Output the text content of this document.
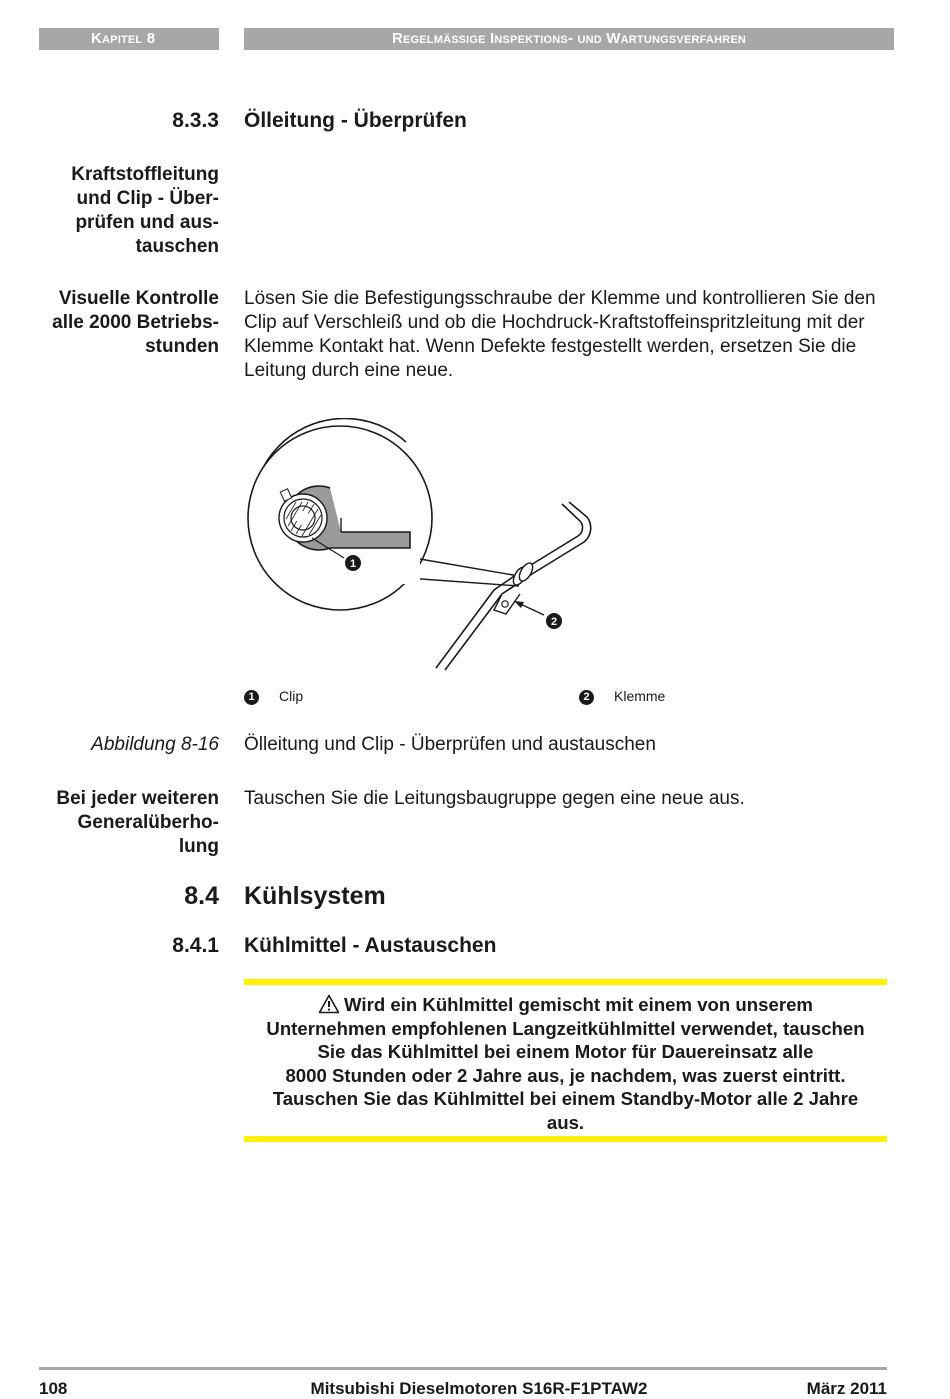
Kapitel 8	Regelmäßige Inspektions- und Wartungsverfahren
8.3.3 Ölleitung - Überprüfen
Kraftstoffleitung
und Clip - Über-
prüfen und aus-
tauschen
Visuelle Kontrolle
alle 2000 Betriebs-
stunden
Lösen Sie die Befestigungsschraube der Klemme und kontrollieren Sie den Clip auf Verschleiß und ob die Hochdruck-Kraftstoffeinspritzleitung mit der Klemme Kontakt hat. Wenn Defekte festgestellt werden, ersetzen Sie die Leitung durch eine neue.
1
2
1 Clip	2 Klemme
Abbildung 8-16 Ölleitung und Clip - Überprüfen und austauschen
Bei jeder weiteren
Generalüberho-
lung
Tauschen Sie die Leitungsbaugruppe gegen eine neue aus.
8.4 Kühlsystem
8.4.1 Kühlmittel - Austauschen
Wird ein Kühlmittel gemischt mit einem von unserem
Unternehmen empfohlenen Langzeitkühlmittel verwendet, tauschen
Sie das Kühlmittel bei einem Motor für Dauereinsatz alle
8000 Stunden oder 2 Jahre aus, je nachdem, was zuerst eintritt.
Tauschen Sie das Kühlmittel bei einem Standby-Motor alle 2 Jahre
aus.
108	Mitsubishi Dieselmotoren S16R-F1PTAW2	März 2011
